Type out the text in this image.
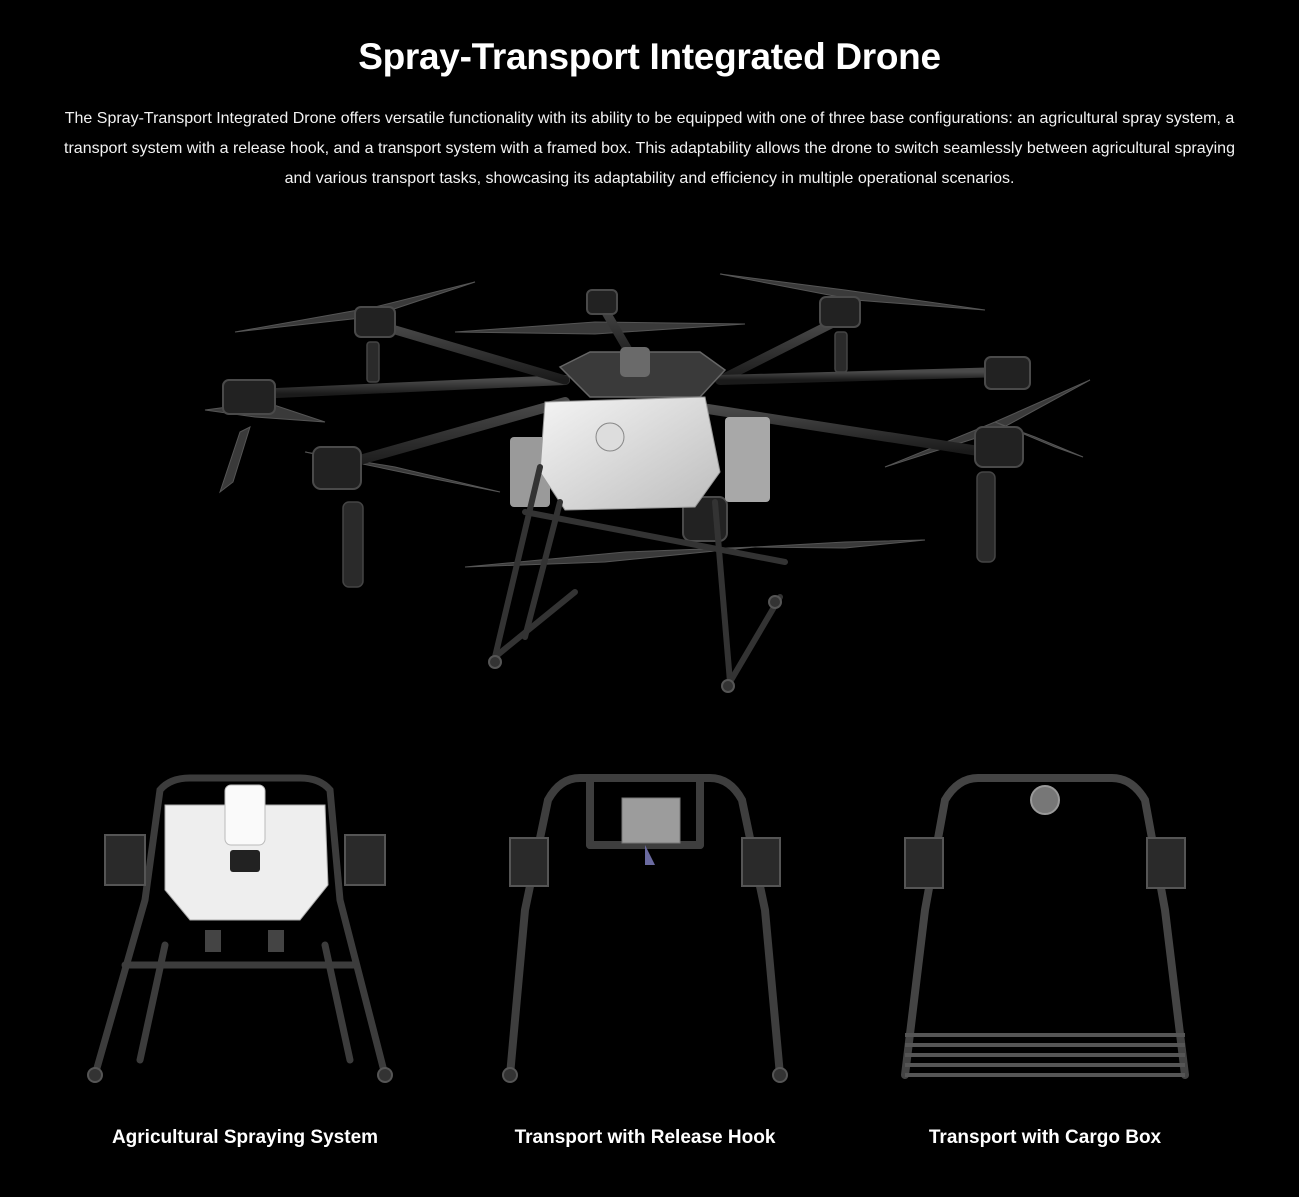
Spray-Transport Integrated Drone

The Spray-Transport Integrated Drone offers versatile functionality with its ability to be equipped with one of three base configurations: an agricultural spray system, a transport system with a release hook, and a transport system with a framed box. This adaptability allows the drone to switch seamlessly between agricultural spraying and various transport tasks, showcasing its adaptability and efficiency in multiple operational scenarios.

Agricultural Spraying System	Transport with Release Hook	Transport with Cargo Box
